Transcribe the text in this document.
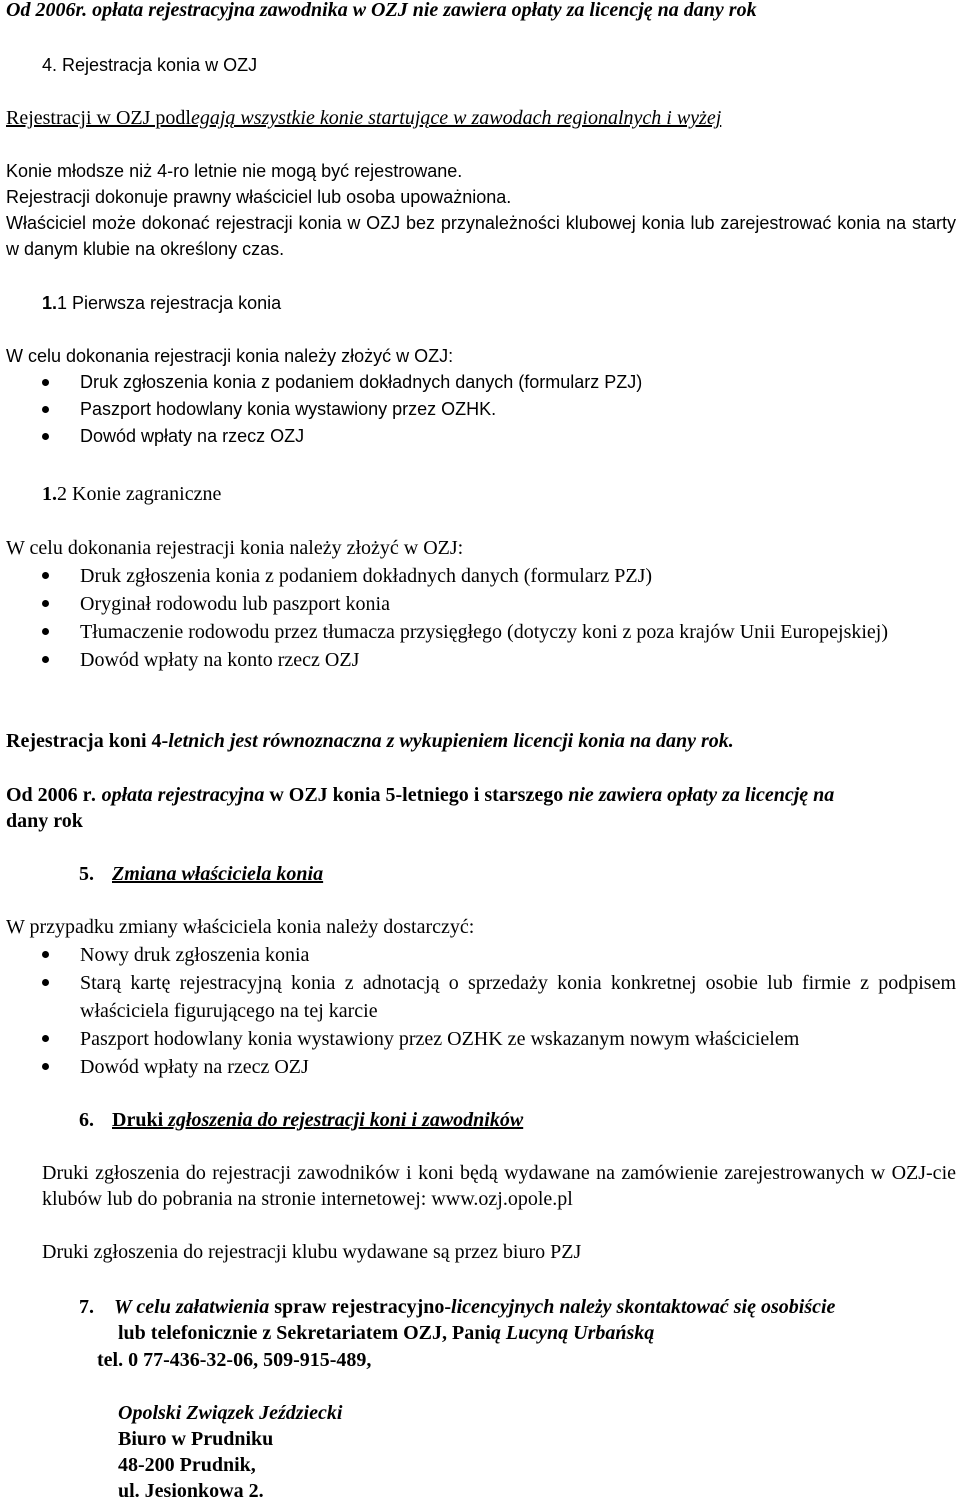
Od 2006r. opłata rejestracyjna zawodnika w OZJ nie zawiera opłaty za licencję na dany rok

4. Rejestracja konia w OZJ

Rejestracji w OZJ podlegają wszystkie konie startujące w zawodach regionalnych i wyżej

Konie młodsze niż 4-ro letnie nie mogą być rejestrowane.

Rejestracji dokonuje prawny właściciel lub osoba upoważniona.

Właściciel może dokonać rejestracji konia w OZJ bez przynależności klubowej konia lub zarejestrować konia na starty w danym klubie na określony czas.

1.1 Pierwsza rejestracja konia

W celu dokonania rejestracji konia należy złożyć w OZJ:

Druk zgłoszenia konia z podaniem dokładnych danych (formularz PZJ)
Paszport hodowlany konia wystawiony przez OZHK.
Dowód wpłaty na rzecz OZJ

1.2 Konie zagraniczne

W celu dokonania rejestracji konia należy złożyć w OZJ:

Druk zgłoszenia konia z podaniem dokładnych danych (formularz PZJ)
Oryginał rodowodu lub paszport konia
Tłumaczenie rodowodu przez tłumacza przysięgłego (dotyczy koni z poza krajów Unii Europejskiej)
Dowód wpłaty na konto rzecz OZJ

Rejestracja koni 4-letnich jest równoznaczna z wykupieniem licencji konia na dany rok.

Od 2006 r. opłata rejestracyjna w OZJ konia 5-letniego i starszego nie zawiera opłaty za licencję na

dany rok

5. Zmiana właściciela konia

W przypadku zmiany właściciela konia należy dostarczyć:

Nowy druk zgłoszenia konia
Starą kartę rejestracyjną konia z adnotacją o sprzedaży konia konkretnej osobie lub firmie z podpisem właściciela figurującego na tej karcie
Paszport hodowlany konia wystawiony przez OZHK ze wskazanym nowym właścicielem
Dowód wpłaty na rzecz OZJ

6. Druki zgłoszenia do rejestracji koni i zawodników

Druki zgłoszenia do rejestracji zawodników i koni będą wydawane na zamówienie zarejestrowanych w OZJ-cie klubów lub do pobrania na stronie internetowej: www.ozj.opole.pl

Druki zgłoszenia do rejestracji klubu wydawane są przez biuro PZJ

7. W celu załatwienia spraw rejestracyjno-licencyjnych należy skontaktować się osobiście

lub telefonicznie z Sekretariatem OZJ, Panią Lucyną Urbańską

tel. 0 77-436-32-06, 509-915-489,

Opolski Związek Jeździecki

Biuro w Prudniku

48-200 Prudnik,

ul. Jesionkowa 2.
